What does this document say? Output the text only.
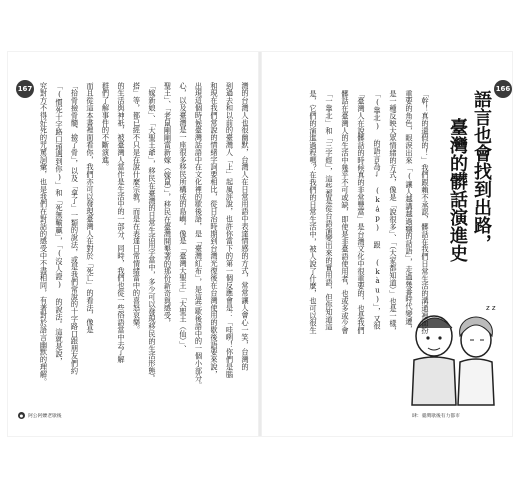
167	灣的台灣人也很幽默，台灣人在日常用語中表達情感的方式，常常讓人會心一笑，台灣的
到過去和以前的臺灣人「上」起風評說，也許你當下的第一個反應會是：「哇咧！你們是腦
和現在我們常說的情緒字詞要相比，從日治時期到台灣光復後在台灣使用的歇後語要來說，
出現這個時候臺灣話語中在文化裡的歇後語，是「臺灣紅布」，是這些歇後語中的一個小部分。
心，以及臺灣是一座很多移民所構成的島嶼。像是「臺灣大聖王」「大聖王（仙）」、
聖王」、「老鼠剛剛當新嫁（嫁鼠）」，移民在臺灣開墾著的那份新奇與感受，
「嫁新娘」、「大聖王爺」，移民在臺灣的日常生活用字當中，多少可以發現移民的生活形態。
搭」等，都已經不只是在說什麼宗教，而是在表達日常情緒當中的喜怒哀樂。
的生活與神祇，被臺灣人當作是生活中的一部分，同時，我們也從一些俗語當中去了解
群們了解事件的不斷演進。
而且從這本書裡面看你，我們亦可以發現臺灣人在對於「死亡」的看法，像是
「拾骨撿骨髓、撿了骨」，以及「拿了」一類的說法，或是我們常說的十字路口跟朋友們約
「(慣死十字路口頭遇到你)」和「死無輸贏」，「(沒人證) 的說法。這就是說，
究對方不得好死的咒罵詞彙，也是我們在對話的感受中不盡相同，有著對於語言幽默的理解。
● 阿公阿嬤老歇後
166
語言也會找到出路，
臺灣的髒話演進史
z z
「幹！真的還假的！」我們跟賴不承認，髒話在我們日常生活的溝通裡面扮
重要的角色，眼淚出來「(讓人越講越過癮的話語」，走過幾番時代變遷，
是一種反映大眾情緒的方式，像是「說很多」、「（大家都知道）」也是一樣，
「(靠北) 的語言為了 (ka̍p) 跟 (kàu)」，又很
「臺灣人在說髒話的時候真的非常豐富」是台灣文化中很重要的，也是我們
髒話在臺灣人的生活中幾乎不可或缺，即使是非臺語使用者，也或多或少會
「一靠北」和「三字經」，這些都是從台語演變出來的實用語，但你知道這
是，它們的演進過程嗎？在我們的日常生活中，被人說了什麼，也可以很生
肆：臺灣歇後有力都市
